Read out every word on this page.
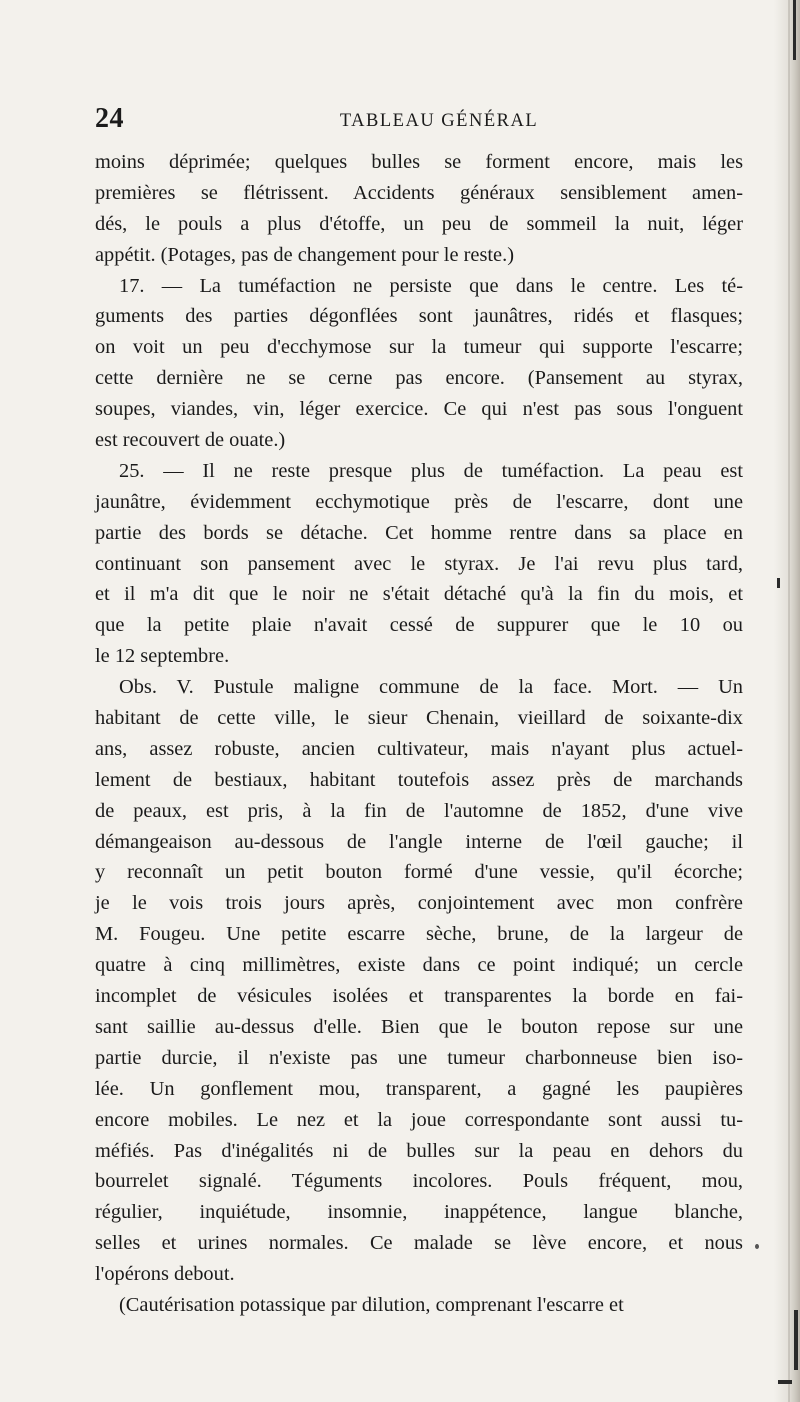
24	TABLEAU GÉNÉRAL
moins déprimée; quelques bulles se forment encore, mais les
premières se flétrissent. Accidents généraux sensiblement amen-
dés, le pouls a plus d'étoffe, un peu de sommeil la nuit, léger
appétit. (Potages, pas de changement pour le reste.)
17. — La tuméfaction ne persiste que dans le centre. Les té-
guments des parties dégonflées sont jaunâtres, ridés et flasques;
on voit un peu d'ecchymose sur la tumeur qui supporte l'escarre;
cette dernière ne se cerne pas encore. (Pansement au styrax,
soupes, viandes, vin, léger exercice. Ce qui n'est pas sous l'onguent
est recouvert de ouate.)
25. — Il ne reste presque plus de tuméfaction. La peau est
jaunâtre, évidemment ecchymotique près de l'escarre, dont une
partie des bords se détache. Cet homme rentre dans sa place en
continuant son pansement avec le styrax. Je l'ai revu plus tard,
et il m'a dit que le noir ne s'était détaché qu'à la fin du mois, et
que la petite plaie n'avait cessé de suppurer que le 10 ou
le 12 septembre.
Obs. V. Pustule maligne commune de la face. Mort. — Un
habitant de cette ville, le sieur Chenain, vieillard de soixante-dix
ans, assez robuste, ancien cultivateur, mais n'ayant plus actuel-
lement de bestiaux, habitant toutefois assez près de marchands
de peaux, est pris, à la fin de l'automne de 1852, d'une vive
démangeaison au-dessous de l'angle interne de l'œil gauche; il
y reconnaît un petit bouton formé d'une vessie, qu'il écorche;
je le vois trois jours après, conjointement avec mon confrère
M. Fougeu. Une petite escarre sèche, brune, de la largeur de
quatre à cinq millimètres, existe dans ce point indiqué; un cercle
incomplet de vésicules isolées et transparentes la borde en fai-
sant saillie au-dessus d'elle. Bien que le bouton repose sur une
partie durcie, il n'existe pas une tumeur charbonneuse bien iso-
lée. Un gonflement mou, transparent, a gagné les paupières
encore mobiles. Le nez et la joue correspondante sont aussi tu-
méfiés. Pas d'inégalités ni de bulles sur la peau en dehors du
bourrelet signalé. Téguments incolores. Pouls fréquent, mou,
régulier, inquiétude, insomnie, inappétence, langue blanche,
selles et urines normales. Ce malade se lève encore, et nous
l'opérons debout.
(Cautérisation potassique par dilution, comprenant l'escarre et
